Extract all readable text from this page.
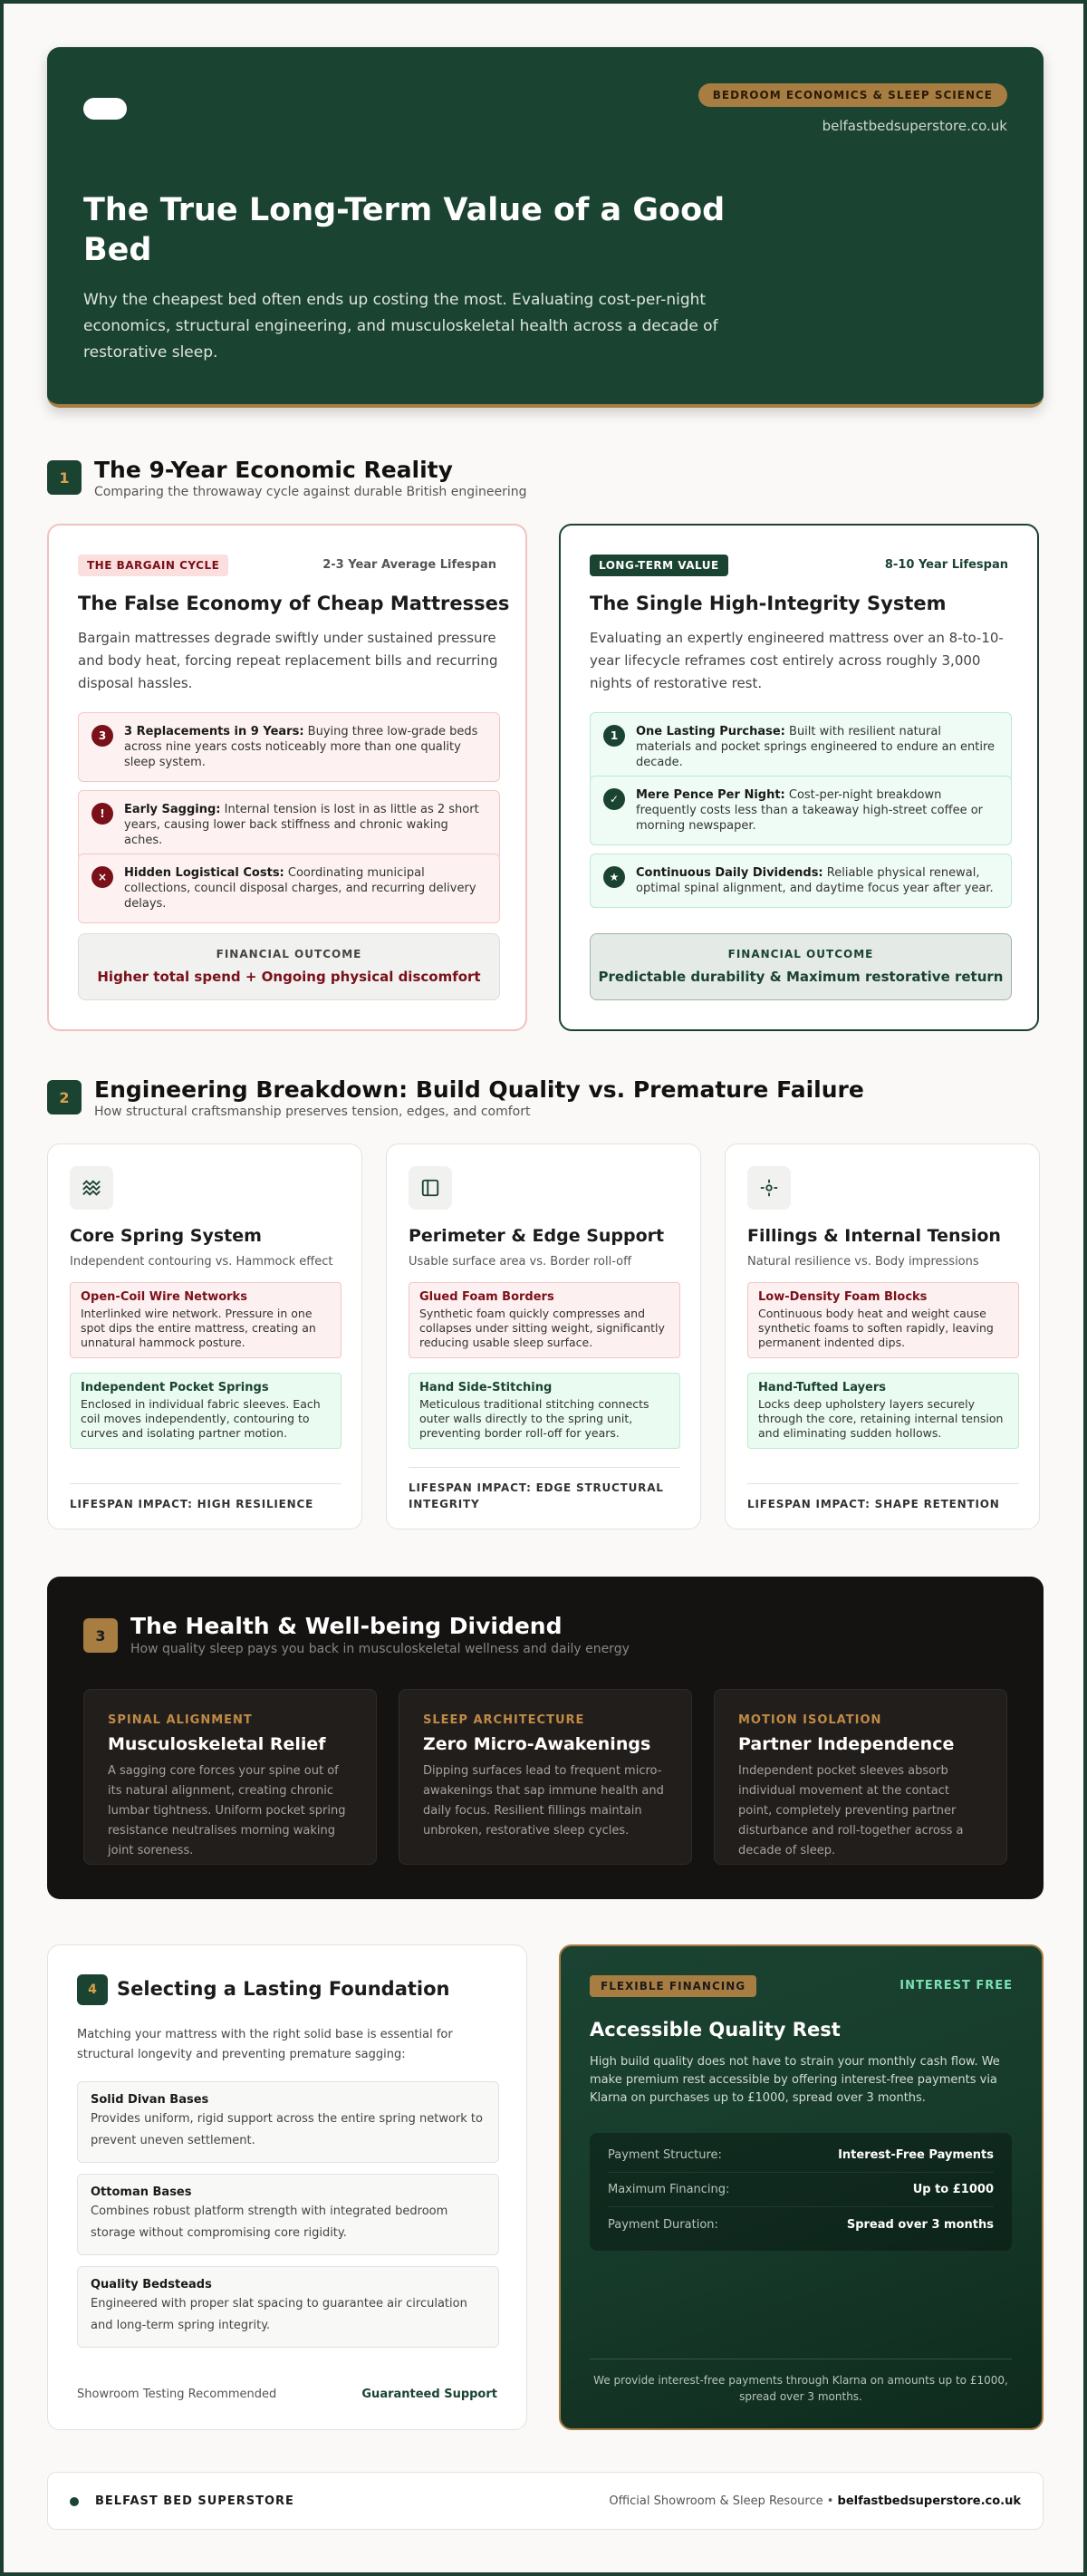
BEDROOM ECONOMICS & SLEEP SCIENCE
belfastbedsuperstore.co.uk
The True Long-Term Value of a Good Bed

Why the cheapest bed often ends up costing the most. Evaluating cost-per-night economics, structural engineering, and musculoskeletal health across a decade of restorative sleep.

1	The 9-Year Economic Reality
Comparing the throwaway cycle against durable British engineering
THE BARGAIN CYCLE	2-3 Year Average Lifespan
The False Economy of Cheap Mattresses
Bargain mattresses degrade swiftly under sustained pressure and body heat, forcing repeat replacement bills and recurring disposal hassles.
3	3 Replacements in 9 Years: Buying three low-grade beds across nine years costs noticeably more than one quality sleep system.
!	Early Sagging: Internal tension is lost in as little as 2 short years, causing lower back stiffness and chronic waking aches.
×	Hidden Logistical Costs: Coordinating municipal collections, council disposal charges, and recurring delivery delays.
FINANCIAL OUTCOME
Higher total spend + Ongoing physical discomfort
LONG-TERM VALUE	8-10 Year Lifespan
The Single High-Integrity System
Evaluating an expertly engineered mattress over an 8-to-10-year lifecycle reframes cost entirely across roughly 3,000 nights of restorative rest.
1	One Lasting Purchase: Built with resilient natural materials and pocket springs engineered to endure an entire decade.
✓	Mere Pence Per Night: Cost-per-night breakdown frequently costs less than a takeaway high-street coffee or morning newspaper.
★	Continuous Daily Dividends: Reliable physical renewal, optimal spinal alignment, and daytime focus year after year.
FINANCIAL OUTCOME
Predictable durability & Maximum restorative return
2	Engineering Breakdown: Build Quality vs. Premature Failure
How structural craftsmanship preserves tension, edges, and comfort
Core Spring System
Independent contouring vs. Hammock effect
Open-Coil Wire Networks
Interlinked wire network. Pressure in one spot dips the entire mattress, creating an unnatural hammock posture.
Independent Pocket Springs
Enclosed in individual fabric sleeves. Each coil moves independently, contouring to curves and isolating partner motion.
LIFESPAN IMPACT: HIGH RESILIENCE
Perimeter & Edge Support
Usable surface area vs. Border roll-off
Glued Foam Borders
Synthetic foam quickly compresses and collapses under sitting weight, significantly reducing usable sleep surface.
Hand Side-Stitching
Meticulous traditional stitching connects outer walls directly to the spring unit, preventing border roll-off for years.
LIFESPAN IMPACT: EDGE STRUCTURAL INTEGRITY
Fillings & Internal Tension
Natural resilience vs. Body impressions
Low-Density Foam Blocks
Continuous body heat and weight cause synthetic foams to soften rapidly, leaving permanent indented dips.
Hand-Tufted Layers
Locks deep upholstery layers securely through the core, retaining internal tension and eliminating sudden hollows.
LIFESPAN IMPACT: SHAPE RETENTION
3	The Health & Well-being Dividend
How quality sleep pays you back in musculoskeletal wellness and daily energy
SPINAL ALIGNMENT
Musculoskeletal Relief

A sagging core forces your spine out of its natural alignment, creating chronic lumbar tightness. Uniform pocket spring resistance neutralises morning waking joint soreness.

SLEEP ARCHITECTURE
Zero Micro-Awakenings

Dipping surfaces lead to frequent micro-awakenings that sap immune health and daily focus. Resilient fillings maintain unbroken, restorative sleep cycles.

MOTION ISOLATION
Partner Independence

Independent pocket sleeves absorb individual movement at the contact point, completely preventing partner disturbance and roll-together across a decade of sleep.

4	Selecting a Lasting Foundation
Matching your mattress with the right solid base is essential for structural longevity and preventing premature sagging:
Solid Divan Bases
Provides uniform, rigid support across the entire spring network to prevent uneven settlement.
Ottoman Bases
Combines robust platform strength with integrated bedroom storage without compromising core rigidity.
Quality Bedsteads
Engineered with proper slat spacing to guarantee air circulation and long-term spring integrity.
Showroom Testing Recommended	Guaranteed Support
FLEXIBLE FINANCING	INTEREST FREE
Accessible Quality Rest
High build quality does not have to strain your monthly cash flow. We make premium rest accessible by offering interest-free payments via Klarna on purchases up to £1000, spread over 3 months.
Payment Structure:	Interest-Free Payments
Maximum Financing:	Up to £1000
Payment Duration:	Spread over 3 months
We provide interest-free payments through Klarna on amounts up to £1000, spread over 3 months.
BELFAST BED SUPERSTORE	Official Showroom & Sleep Resource • belfastbedsuperstore.co.uk
